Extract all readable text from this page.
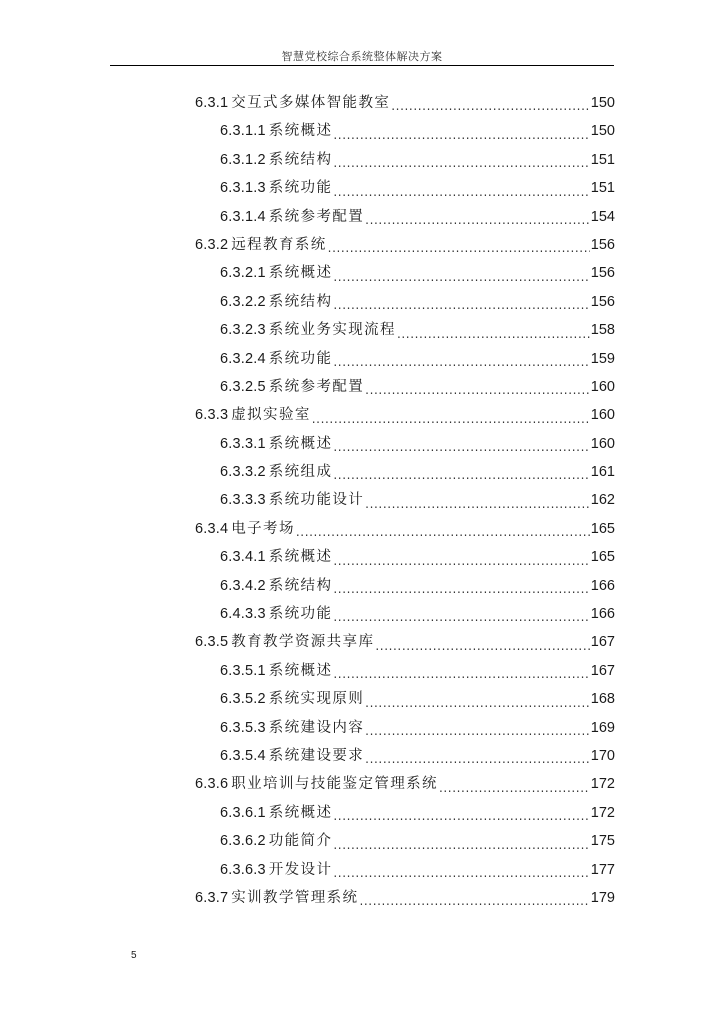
智慧党校综合系统整体解决方案
6.3.1 交互式多媒体智能教室 .....	150
6.3.1.1 系统概述 .....	150
6.3.1.2 系统结构 .....	151
6.3.1.3 系统功能 .....	151
6.3.1.4 系统参考配置 .....	154
6.3.2 远程教育系统 .....	156
6.3.2.1 系统概述 .....	156
6.3.2.2 系统结构 .....	156
6.3.2.3 系统业务实现流程 .....	158
6.3.2.4 系统功能 .....	159
6.3.2.5 系统参考配置 .....	160
6.3.3 虚拟实验室 .....	160
6.3.3.1 系统概述 .....	160
6.3.3.2 系统组成 .....	161
6.3.3.3 系统功能设计 .....	162
6.3.4 电子考场 .....	165
6.3.4.1 系统概述 .....	165
6.3.4.2 系统结构 .....	166
6.4.3.3 系统功能 .....	166
6.3.5 教育教学资源共享库 .....	167
6.3.5.1 系统概述 .....	167
6.3.5.2 系统实现原则 .....	168
6.3.5.3 系统建设内容 .....	169
6.3.5.4 系统建设要求 .....	170
6.3.6 职业培训与技能鉴定管理系统 .....	172
6.3.6.1 系统概述 .....	172
6.3.6.2 功能简介 .....	175
6.3.6.3 开发设计 .....	177
6.3.7 实训教学管理系统 .....	179
5
